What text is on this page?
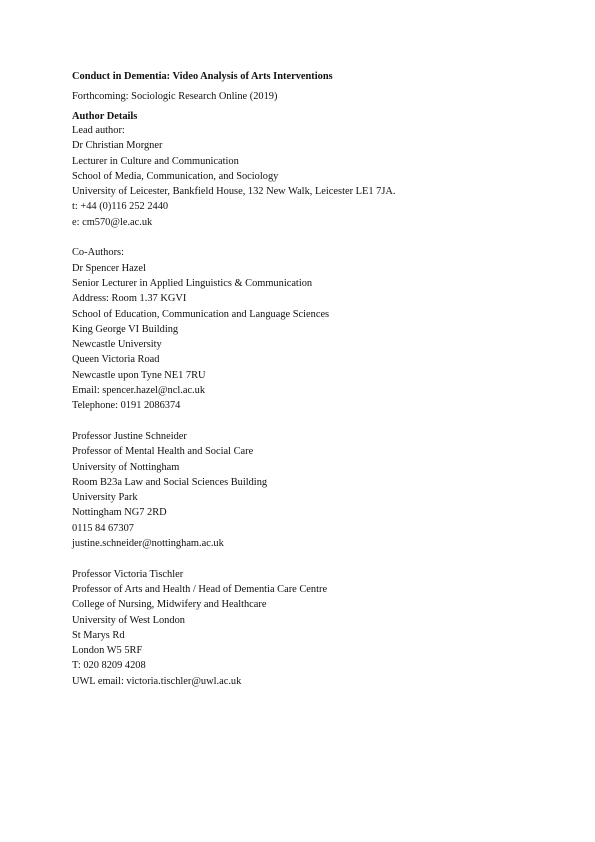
Conduct in Dementia: Video Analysis of Arts Interventions
Forthcoming: Sociologic Research Online (2019)
Author Details
Lead author:
Dr Christian Morgner
Lecturer in Culture and Communication
School of Media, Communication, and Sociology
University of Leicester, Bankfield House, 132 New Walk, Leicester LE1 7JA.
t: +44 (0)116 252 2440
e: cm570@le.ac.uk
Co-Authors:
Dr Spencer Hazel
Senior Lecturer in Applied Linguistics & Communication
Address: Room 1.37 KGVI
School of Education, Communication and Language Sciences
King George VI Building
Newcastle University
Queen Victoria Road
Newcastle upon Tyne NE1 7RU
Email: spencer.hazel@ncl.ac.uk
Telephone: 0191 2086374
Professor Justine Schneider
Professor of Mental Health and Social Care
University of Nottingham
Room B23a Law and Social Sciences Building
University Park
Nottingham NG7 2RD
0115 84 67307
justine.schneider@nottingham.ac.uk
Professor Victoria Tischler
Professor of Arts and Health / Head of Dementia Care Centre
College of Nursing, Midwifery and Healthcare
University of West London
St Marys Rd
London W5 5RF
T: 020 8209 4208
UWL email: victoria.tischler@uwl.ac.uk
